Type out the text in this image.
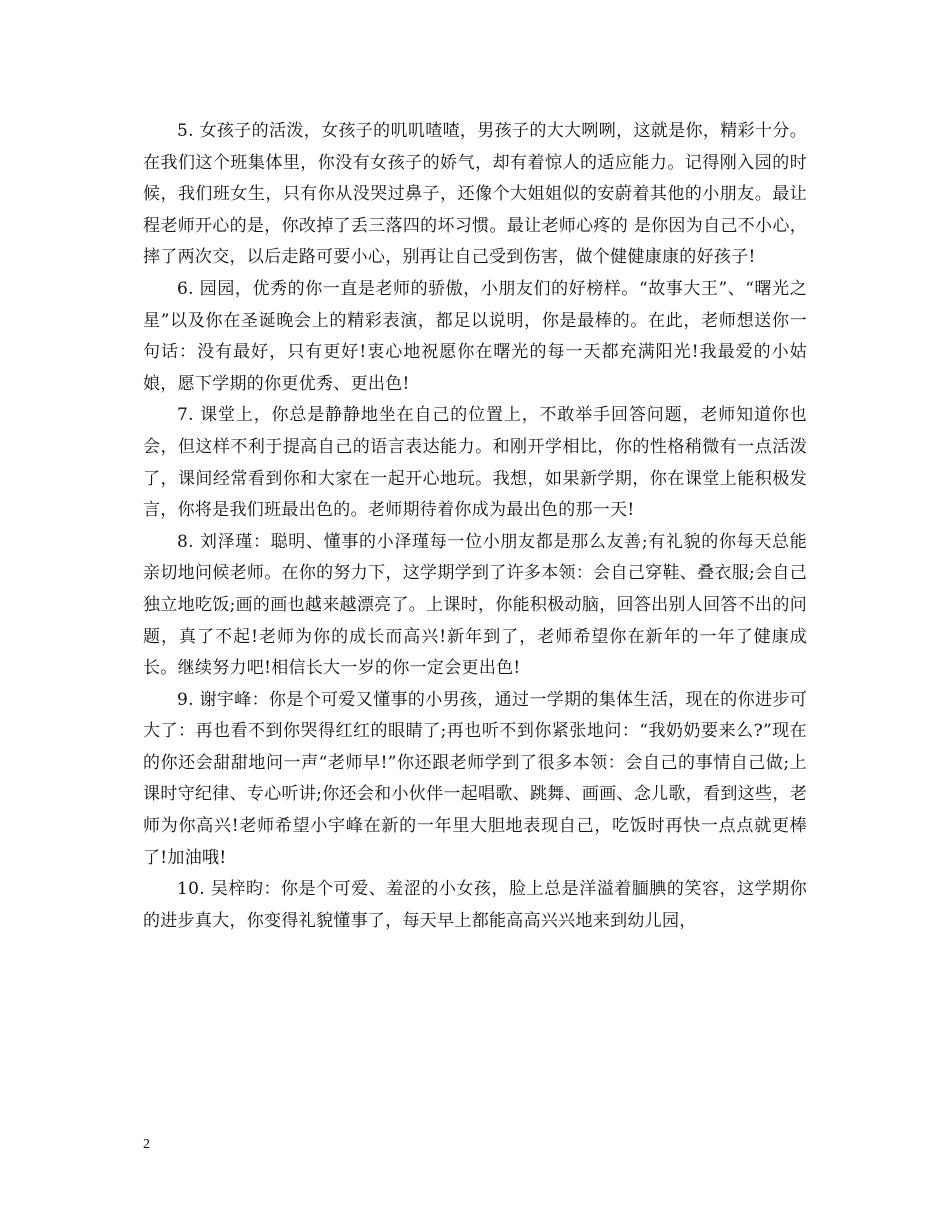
5. 女孩子的活泼，女孩子的叽叽喳喳，男孩子的大大咧咧，这就是你，精彩十分。在我们这个班集体里，你没有女孩子的娇气，却有着惊人的适应能力。记得刚入园的时候，我们班女生，只有你从没哭过鼻子，还像个大姐姐似的安蔚着其他的小朋友。最让程老师开心的是，你改掉了丢三落四的坏习惯。最让老师心疼的 是你因为自己不小心，摔了两次交，以后走路可要小心，别再让自己受到伤害，做个健健康康的好孩子!

6. 园园，优秀的你一直是老师的骄傲，小朋友们的好榜样。“故事大王”、“曙光之星”以及你在圣诞晚会上的精彩表演，都足以说明，你是最棒的。在此，老师想送你一句话：没有最好，只有更好!衷心地祝愿你在曙光的每一天都充满阳光!我最爱的小姑娘，愿下学期的你更优秀、更出色!

7. 课堂上，你总是静静地坐在自己的位置上，不敢举手回答问题，老师知道你也会，但这样不利于提高自己的语言表达能力。和刚开学相比，你的性格稍微有一点活泼了，课间经常看到你和大家在一起开心地玩。我想，如果新学期，你在课堂上能积极发言，你将是我们班最出色的。老师期待着你成为最出色的那一天!

8. 刘泽瑾：聪明、懂事的小泽瑾每一位小朋友都是那么友善;有礼貌的你每天总能亲切地问候老师。在你的努力下，这学期学到了许多本领：会自己穿鞋、叠衣服;会自己独立地吃饭;画的画也越来越漂亮了。上课时，你能积极动脑，回答出别人回答不出的问题，真了不起!老师为你的成长而高兴!新年到了，老师希望你在新年的一年了健康成长。继续努力吧!相信长大一岁的你一定会更出色!

9. 谢宇峰：你是个可爱又懂事的小男孩，通过一学期的集体生活，现在的你进步可大了：再也看不到你哭得红红的眼睛了;再也听不到你紧张地问：“我奶奶要来么?”现在的你还会甜甜地问一声“老师早!”你还跟老师学到了很多本领：会自己的事情自己做;上课时守纪律、专心听讲;你还会和小伙伴一起唱歌、跳舞、画画、念儿歌，看到这些，老师为你高兴!老师希望小宇峰在新的一年里大胆地表现自己，吃饭时再快一点点就更棒了!加油哦!

10. 吴梓昀：你是个可爱、羞涩的小女孩，脸上总是洋溢着腼腆的笑容，这学期你的进步真大，你变得礼貌懂事了，每天早上都能高高兴兴地来到幼儿园，

2
